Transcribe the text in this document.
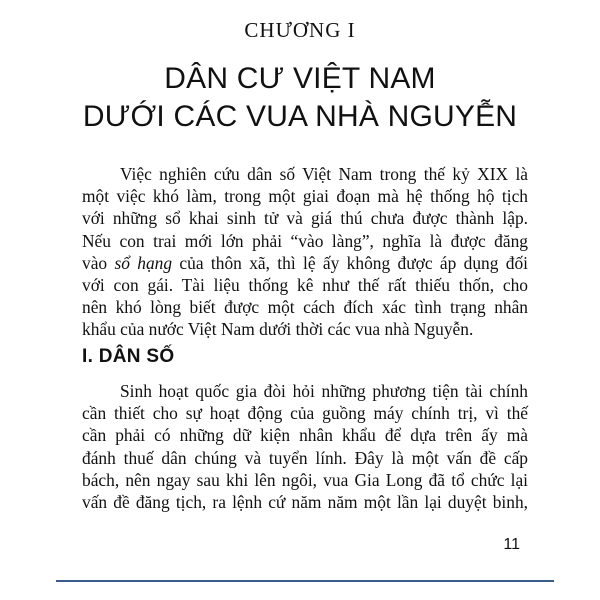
CHƯƠNG I
DÂN CƯ VIỆT NAM
DƯỚI CÁC VUA NHÀ NGUYỄN
Việc nghiên cứu dân số Việt Nam trong thế kỷ XIX là
một việc khó làm, trong một giai đoạn mà hệ thống hộ tịch
với những sổ khai sinh tử và giá thú chưa được thành lập.
Nếu con trai mới lớn phải “vào làng”, nghĩa là được đăng
vào sổ hạng của thôn xã, thì lệ ấy không được áp dụng đối
với con gái. Tài liệu thống kê như thế rất thiếu thốn, cho
nên khó lòng biết được một cách đích xác tình trạng nhân
khẩu của nước Việt Nam dưới thời các vua nhà Nguyễn.
I. DÂN SỐ
Sinh hoạt quốc gia đòi hỏi những phương tiện tài chính
cần thiết cho sự hoạt động của guồng máy chính trị, vì thế
cần phải có những dữ kiện nhân khẩu để dựa trên ấy mà
đánh thuế dân chúng và tuyển lính. Đây là một vấn đề cấp
bách, nên ngay sau khi lên ngôi, vua Gia Long đã tổ chức lại
vấn đề đăng tịch, ra lệnh cứ năm năm một lần lại duyệt binh,
11
